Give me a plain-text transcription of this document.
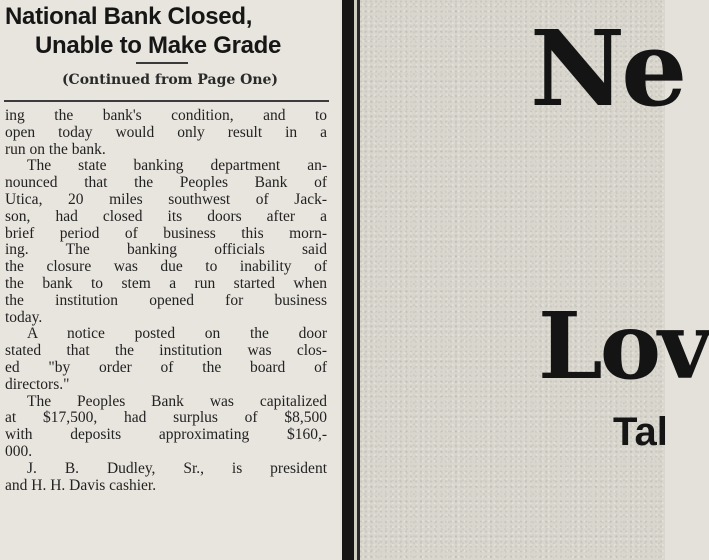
National Bank Closed,
Unable to Make Grade
(Continued from Page One)

ing the bank's condition, and to
open today would only result in a
run on the bank.

The state banking department an-
nounced that the Peoples Bank of
Utica, 20 miles southwest of Jack-
son, had closed its doors after a
brief period of business this morn-
ing. The banking officials said
the closure was due to inability of
the bank to stem a run started when
the institution opened for business
today.

A notice posted on the door
stated that the institution was clos-
ed "by order of the board of
directors."

The Peoples Bank was capitalized
at $17,500, had surplus of $8,500
with deposits approximating $160,-
000.

J. B. Dudley, Sr., is president
and H. H. Davis cashier.

Ne
Lov
Tal
